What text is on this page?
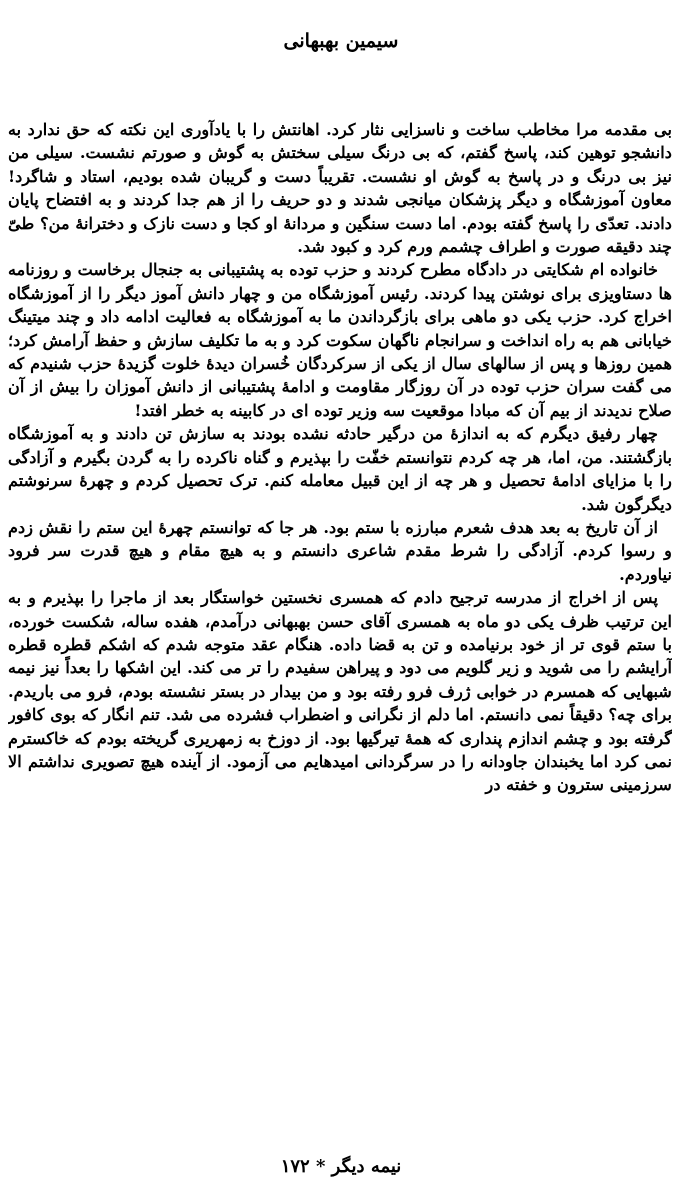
سیمین بهبهانی

بی مقدمه مرا مخاطب ساخت و ناسزایی نثار کرد. اهانتش را با یادآوری این نکته که حق ندارد به دانشجو توهین کند، پاسخ گفتم، که بی درنگ سیلی سختش به گوش و صورتم نشست. سیلی من نیز بی درنگ و در پاسخ به گوش او نشست. تقریباً دست و گریبان شده بودیم، استاد و شاگرد! معاون آموزشگاه و دیگر پزشکان میانجی شدند و دو حریف را از هم جدا کردند و به افتضاح پایان دادند. تعدّی را پاسخ گفته بودم. اما دست سنگین و مردانهٔ او کجا و دست نازک و دخترانهٔ من؟ طیّ چند دقیقه صورت و اطراف چشمم ورم کرد و کبود شد.

خانواده ام شکایتی در دادگاه مطرح کردند و حزب توده به پشتیبانی به جنجال برخاست و روزنامه ها دستاویزی برای نوشتن پیدا کردند. رئیس آموزشگاه من و چهار دانش آموز دیگر را از آموزشگاه اخراج کرد. حزب یکی دو ماهی برای بازگرداندن ما به آموزشگاه به فعالیت ادامه داد و چند میتینگ خیابانی هم به راه انداخت و سرانجام ناگهان سکوت کرد و به ما تکلیف سازش و حفظ آرامش کرد؛ همین روزها و پس از سالهای سال از یکی از سرکردگان خُسران دیدهٔ خلوت گزیدهٔ حزب شنیدم که می گفت سران حزب توده در آن روزگار مقاومت و ادامهٔ پشتیبانی از دانش آموزان را بیش از آن صلاح ندیدند از بیم آن که مبادا موقعیت سه وزیر توده ای در کابینه به خطر افتد!

چهار رفیق دیگرم که به اندازهٔ من درگیر حادثه نشده بودند به سازش تن دادند و به آموزشگاه بازگشتند. من، اما، هر چه کردم نتوانستم خفّت را بپذیرم و گناه ناکرده را به گردن بگیرم و آزادگی را با مزایای ادامهٔ تحصیل و هر چه از این قبیل معامله کنم. ترک تحصیل کردم و چهرهٔ سرنوشتم دیگرگون شد.

از آن تاریخ به بعد هدف شعرم مبارزه با ستم بود. هر جا که توانستم چهرهٔ این ستم را نقش زدم و رسوا کردم. آزادگی را شرط مقدم شاعری دانستم و به هیچ مقام و هیچ قدرت سر فرود نیاوردم.

پس از اخراج از مدرسه ترجیح دادم که همسری نخستین خواستگار بعد از ماجرا را بپذیرم و به این ترتیب ظرف یکی دو ماه به همسری آقای حسن بهبهانی درآمدم، هفده ساله، شکست خورده، با ستم قوی تر از خود برنیامده و تن به قضا داده. هنگام عقد متوجه شدم که اشکم قطره قطره آرایشم را می شوید و زیر گلویم می دود و پیراهن سفیدم را تر می کند. این اشکها را بعداً نیز نیمه شبهایی که همسرم در خوابی ژرف فرو رفته بود و من بیدار در بستر نشسته بودم، فرو می باریدم. برای چه؟ دقیقاً نمی دانستم. اما دلم از نگرانی و اضطراب فشرده می شد. تنم انگار که بوی کافور گرفته بود و چشم اندازم پنداری که همهٔ تیرگیها بود. از دوزخ به زمهریری گریخته بودم که خاکسترم نمی کرد اما یخبندان جاودانه را در سرگردانی امیدهایم می آزمود. از آینده هیچ تصویری نداشتم الا سرزمینی سترون و خفته در

نیمه دیگر * ۱۷۲
